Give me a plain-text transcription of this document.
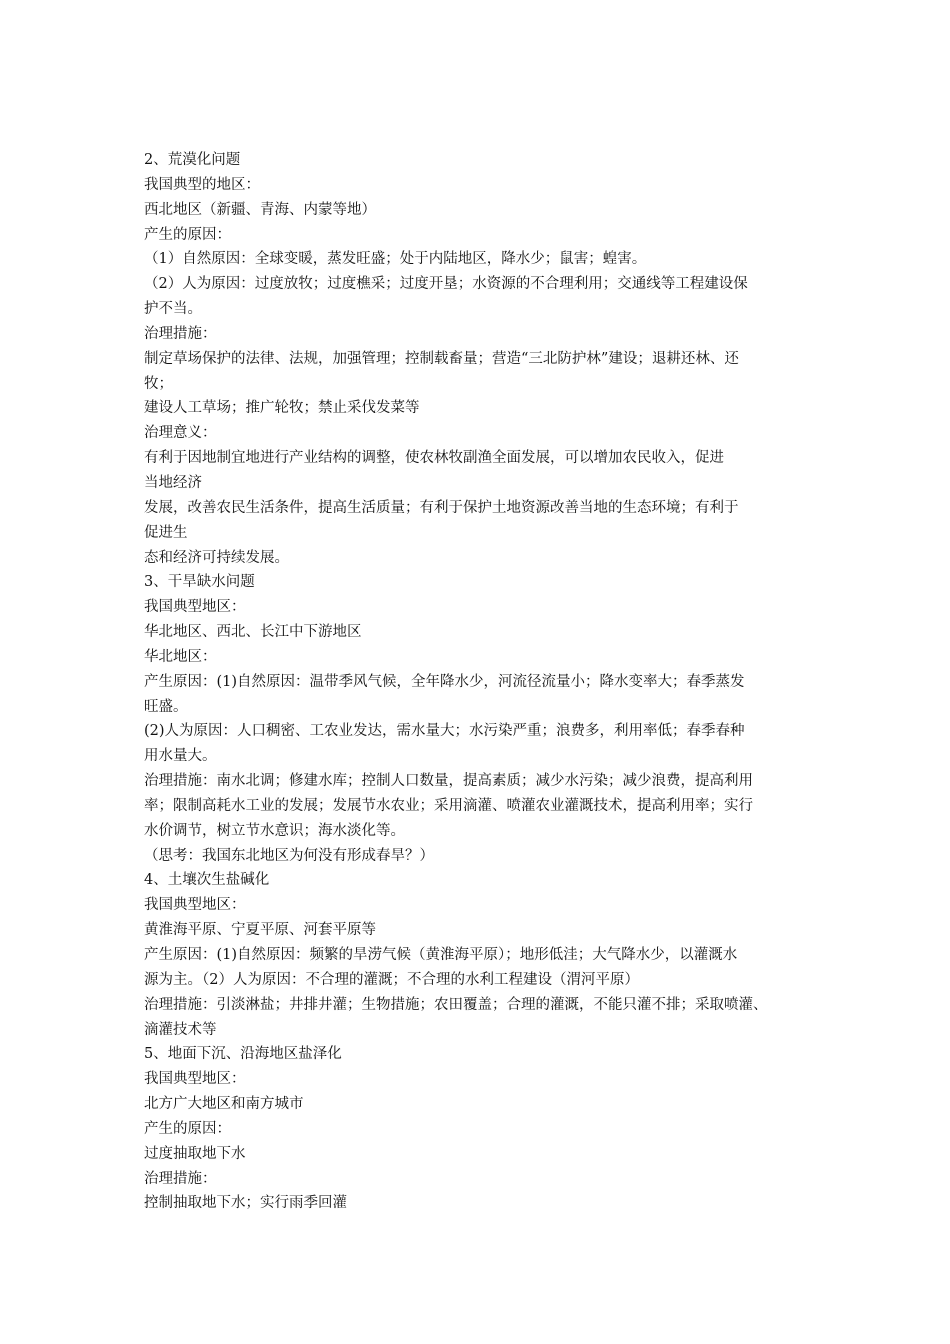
2、荒漠化问题
我国典型的地区：
西北地区（新疆、青海、内蒙等地）
产生的原因：
（1）自然原因：全球变暖，蒸发旺盛；处于内陆地区，降水少；鼠害；蝗害。
（2）人为原因：过度放牧；过度樵采；过度开垦；水资源的不合理利用；交通线等工程建设保
护不当。
治理措施：
制定草场保护的法律、法规，加强管理；控制载畜量；营造“三北防护林”建设；退耕还林、还
牧；
建设人工草场；推广轮牧；禁止采伐发菜等
治理意义：
有利于因地制宜地进行产业结构的调整，使农林牧副渔全面发展，可以增加农民收入，促进
当地经济
发展，改善农民生活条件，提高生活质量；有利于保护土地资源改善当地的生态环境；有利于
促进生
态和经济可持续发展。
3、干旱缺水问题
我国典型地区：
华北地区、西北、长江中下游地区
华北地区：
产生原因：(1)自然原因：温带季风气候，全年降水少，河流径流量小；降水变率大；春季蒸发
旺盛。
(2)人为原因：人口稠密、工农业发达，需水量大；水污染严重；浪费多，利用率低；春季春种
用水量大。
治理措施：南水北调；修建水库；控制人口数量，提高素质；减少水污染；减少浪费，提高利用
率；限制高耗水工业的发展；发展节水农业；采用滴灌、喷灌农业灌溉技术，提高利用率；实行
水价调节，树立节水意识；海水淡化等。
（思考：我国东北地区为何没有形成春旱？）
4、土壤次生盐碱化
我国典型地区：
黄淮海平原、宁夏平原、河套平原等
产生原因：(1)自然原因：频繁的旱涝气候（黄淮海平原）；地形低洼；大气降水少，以灌溉水
源为主。（2）人为原因：不合理的灌溉；不合理的水利工程建设（渭河平原）
治理措施：引淡淋盐；井排井灌；生物措施；农田覆盖；合理的灌溉，不能只灌不排；采取喷灌、
滴灌技术等
5、地面下沉、沿海地区盐泽化
我国典型地区：
北方广大地区和南方城市
产生的原因：
过度抽取地下水
治理措施：
控制抽取地下水；实行雨季回灌
